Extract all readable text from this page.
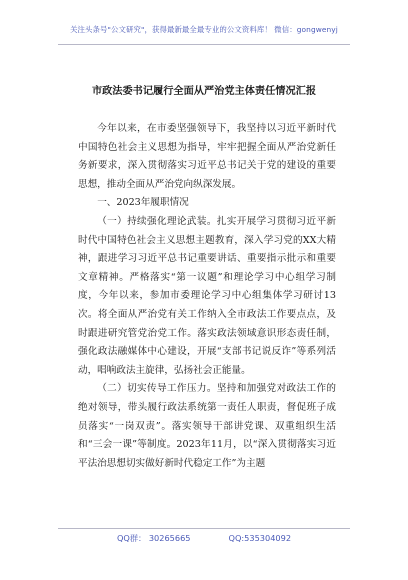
关注头条号"公文研究"，获得最新最全最专业的公文资料库！ 微信：gongwenyj
市政法委书记履行全面从严治党主体责任情况汇报

今年以来，在市委坚强领导下，我坚持以习近平新时代中国特色社会主义思想为指导，牢牢把握全面从严治党新任务新要求，深入贯彻落实习近平总书记关于党的建设的重要思想，推动全面从严治党向纵深发展。

一、2023年履职情况

（一）持续强化理论武装。扎实开展学习贯彻习近平新时代中国特色社会主义思想主题教育，深入学习党的XX大精神，跟进学习习近平总书记重要讲话、重要指示批示和重要文章精神。严格落实“第一议题”和理论学习中心组学习制度，今年以来，参加市委理论学习中心组集体学习研讨13次。将全面从严治党有关工作纳入全市政法工作要点点，及时跟进研究管党治党工作。落实政法领域意识形态责任制，强化政法融媒体中心建设，开展“支部书记说反诈”等系列活动，唱响政法主旋律，弘扬社会正能量。

（二）切实传导工作压力。坚持和加强党对政法工作的绝对领导，带头履行政法系统第一责任人职责，督促班子成员落实“一岗双责”。落实领导干部讲党课、双重组织生活和“三会一课”等制度。2023年11月，以“深入贯彻落实习近平法治思想切实做好新时代稳定工作”为主题

QQ群： 30265665	QQ:535304092
